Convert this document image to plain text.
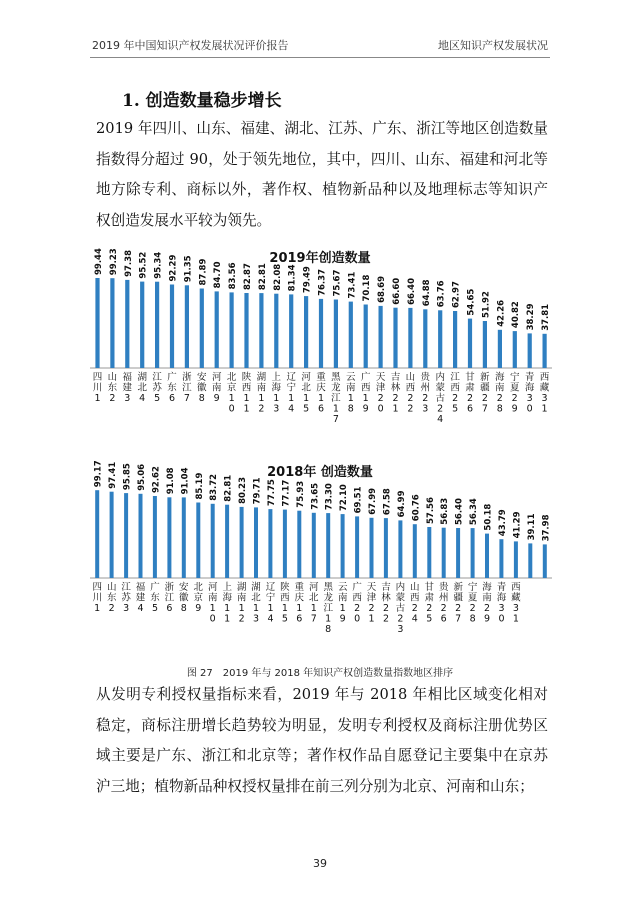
2019 年中国知识产权发展状况评价报告	地区知识产权发展状况
1. 创造数量稳步增长
2019 年四川、山东、福建、湖北、江苏、广东、浙江等地区创造数量指数得分超过 90，处于领先地位，其中，四川、山东、福建和河北等地方除专利、商标以外，著作权、植物新品种以及地理标志等知识产权创造发展水平较为领先。
2019年创造数量
99.44
四川 1
99.23
山东 2
97.38
福建 3
95.52
湖北 4
95.34
江苏 5
92.29
广东 6
91.35
浙江 7
87.89
安徽 8
84.70
河南 9
83.56
北京 1 0
82.87
陕西 1 1
82.81
湖南 1 2
82.08
上海 1 3
81.34
辽宁 1 4
79.49
河北 1 5
76.37
重庆 1 6
75.67
黑龙江 1 7
73.41
云南 1 8
70.18
广西 1 9
68.69
天津 2 0
66.60
吉林 2 1
66.40
山西 2 2
64.88
贵州 2 3
63.76
内蒙古 2 4
62.97
江西 2 5
54.65
甘肃 2 6
51.92
新疆 2 7
42.26
海南 2 8
40.82
宁夏 2 9
38.29
青海 3 0
37.81
西藏 3 1
2018年 创造数量
99.17
四川 1
97.41
山东 2
95.85
江苏 3
95.06
福建 4
92.62
广东 5
91.08
浙江 6
91.04
安徽 8
85.19
北京 9
83.72
河南 1 0
82.81
上海 1 1
80.23
湖南 1 2
79.71
湖北 1 3
77.75
辽宁 1 4
77.17
陕西 1 5
75.93
重庆 1 6
73.65
河北 1 7
73.30
黑龙江 1 8
72.10
云南 1 9
69.51
广西 2 0
67.99
天津 2 1
67.58
吉林 2 2
64.99
内蒙古 2 3
60.76
山西 2 4
57.56
甘肃 2 5
56.83
贵州 2 6
56.40
新疆 2 7
56.34
宁夏 2 8
50.18
海南 2 9
43.79
青海 3 0
41.29
西藏 3 1
39.11 37.98
图 27　2019 年与 2018 年知识产权创造数量指数地区排序
从发明专利授权量指标来看，2019 年与 2018 年相比区域变化相对稳定，商标注册增长趋势较为明显，发明专利授权及商标注册优势区域主要是广东、浙江和北京等；著作权作品自愿登记主要集中在京苏沪三地；植物新品种权授权量排在前三列分别为北京、河南和山东；
39
